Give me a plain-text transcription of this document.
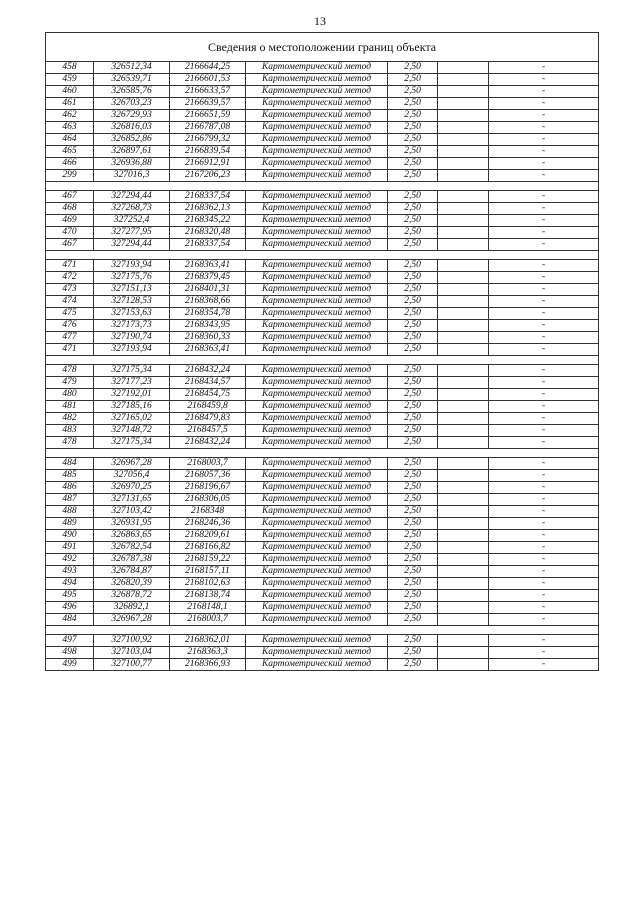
13
Сведения о местоположении границ объекта						
458	326512,34	2166644,25	Картометрический метод	2,50		-
459	326539,71	2166601,53	Картометрический метод	2,50		-
460	326585,76	2166633,57	Картометрический метод	2,50		-
461	326703,23	2166639,57	Картометрический метод	2,50		-
462	326729,93	2166651,59	Картометрический метод	2,50		-
463	326816,03	2166787,08	Картометрический метод	2,50		-
464	326852,86	2166799,32	Картометрический метод	2,50		-
465	326897,61	2166839,54	Картометрический метод	2,50		-
466	326936,88	2166912,91	Картометрический метод	2,50		-
299	327016,3	2167206,23	Картометрический метод	2,50		-

467	327294,44	2168337,54	Картометрический метод	2,50		-
468	327268,73	2168362,13	Картометрический метод	2,50		-
469	327252,4	2168345,22	Картометрический метод	2,50		-
470	327277,95	2168320,48	Картометрический метод	2,50		-
467	327294,44	2168337,54	Картометрический метод	2,50		-

471	327193,94	2168363,41	Картометрический метод	2,50		-
472	327175,76	2168379,45	Картометрический метод	2,50		-
473	327151,13	2168401,31	Картометрический метод	2,50		-
474	327128,53	2168368,66	Картометрический метод	2,50		-
475	327153,63	2168354,78	Картометрический метод	2,50		-
476	327173,73	2168343,95	Картометрический метод	2,50		-
477	327190,74	2168360,33	Картометрический метод	2,50		-
471	327193,94	2168363,41	Картометрический метод	2,50		-

478	327175,34	2168432,24	Картометрический метод	2,50		-
479	327177,23	2168434,57	Картометрический метод	2,50		-
480	327192,01	2168454,75	Картометрический метод	2,50		-
481	327185,16	2168459,8	Картометрический метод	2,50		-
482	327165,02	2168479,83	Картометрический метод	2,50		-
483	327148,72	2168457,5	Картометрический метод	2,50		-
478	327175,34	2168432,24	Картометрический метод	2,50		-

484	326967,28	2168003,7	Картометрический метод	2,50		-
485	327056,4	2168057,36	Картометрический метод	2,50		-
486	326970,25	2168196,67	Картометрический метод	2,50		-
487	327131,65	2168306,05	Картометрический метод	2,50		-
488	327103,42	2168348	Картометрический метод	2,50		-
489	326931,95	2168246,36	Картометрический метод	2,50		-
490	326863,65	2168209,61	Картометрический метод	2,50		-
491	326782,54	2168166,82	Картометрический метод	2,50		-
492	326787,38	2168159,22	Картометрический метод	2,50		-
493	326784,87	2168157,11	Картометрический метод	2,50		-
494	326820,39	2168102,63	Картометрический метод	2,50		-
495	326878,72	2168138,74	Картометрический метод	2,50		-
496	326892,1	2168148,1	Картометрический метод	2,50		-
484	326967,28	2168003,7	Картометрический метод	2,50		-

497	327100,92	2168362,01	Картометрический метод	2,50		-
498	327103,04	2168363,3	Картометрический метод	2,50		-
499	327100,77	2168366,93	Картометрический метод	2,50		-
